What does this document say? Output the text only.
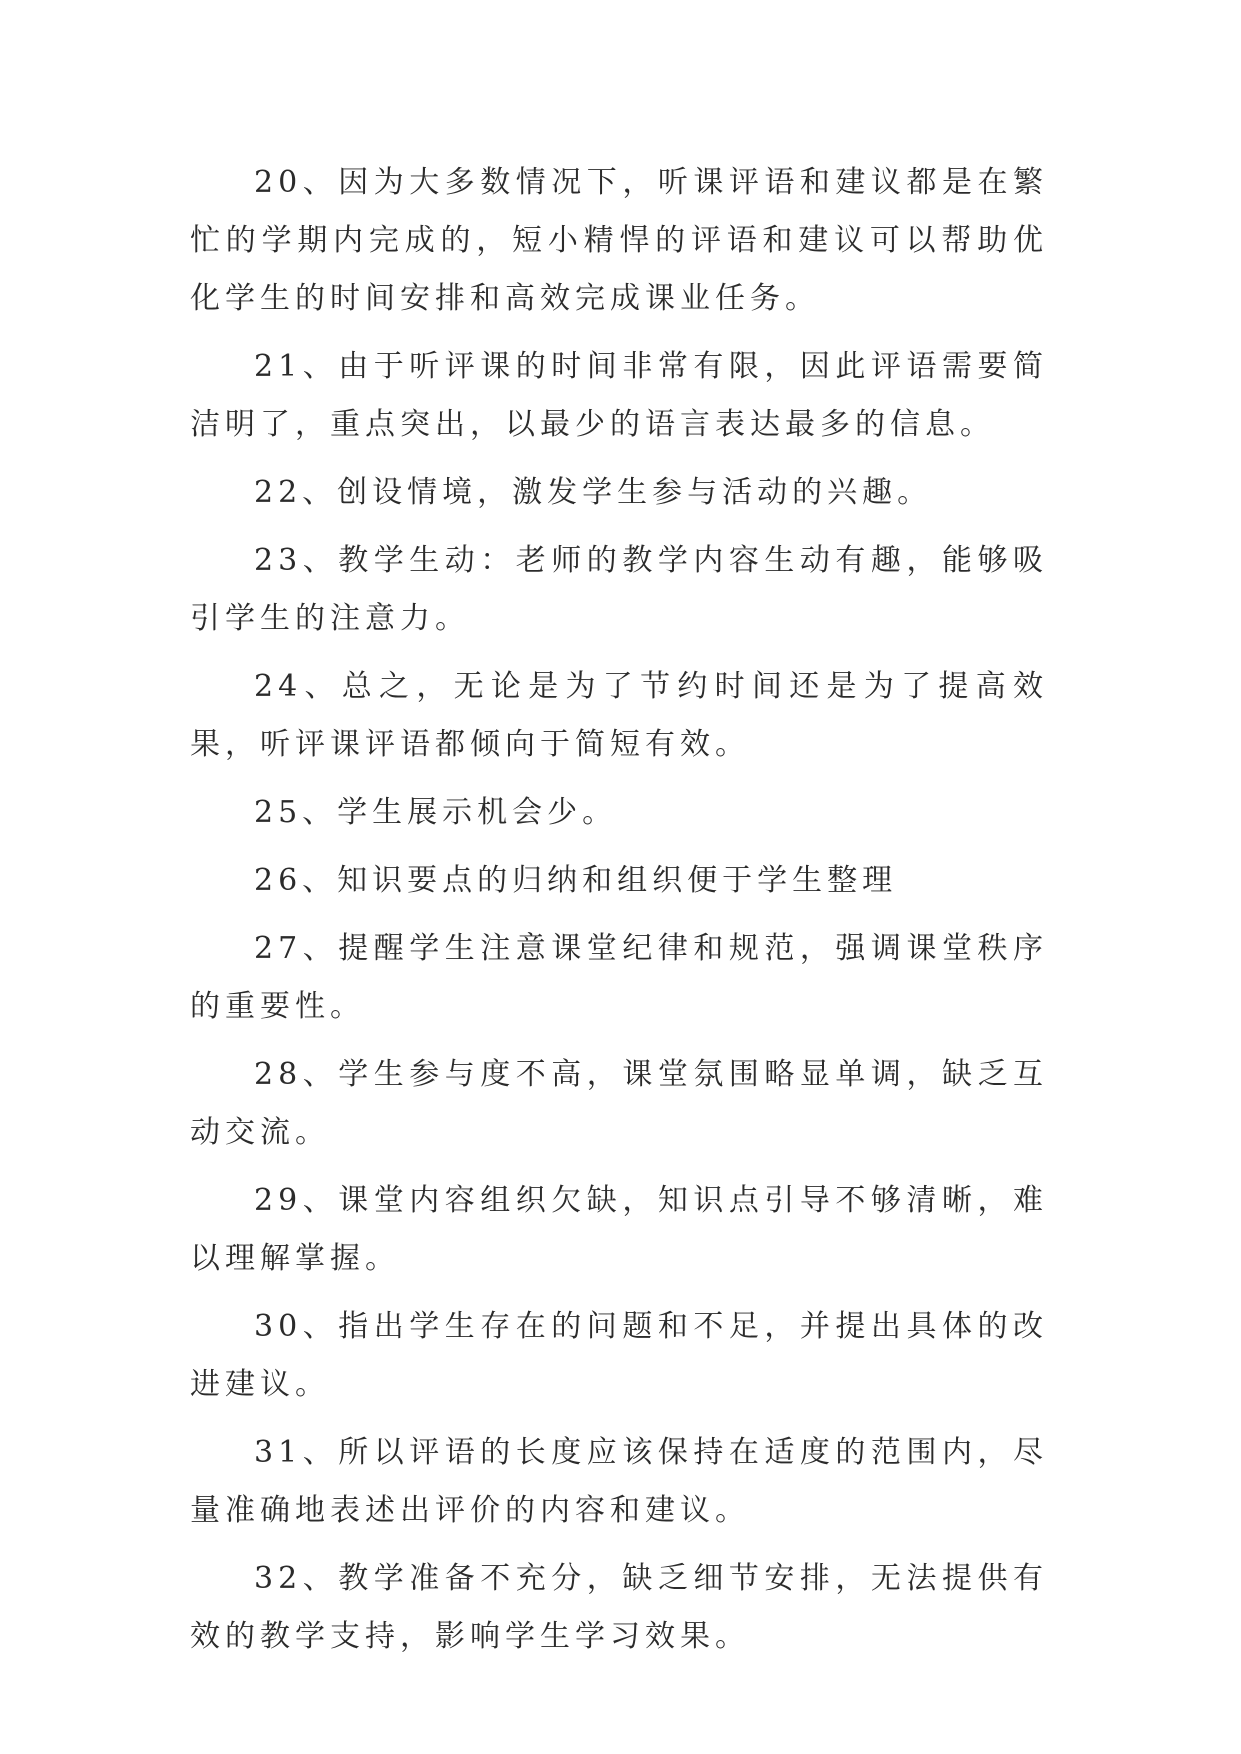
20、因为大多数情况下，听课评语和建议都是在繁忙的学期内完成的，短小精悍的评语和建议可以帮助优化学生的时间安排和高效完成课业任务。

21、由于听评课的时间非常有限，因此评语需要简洁明了，重点突出，以最少的语言表达最多的信息。

22、创设情境，激发学生参与活动的兴趣。

23、教学生动：老师的教学内容生动有趣，能够吸引学生的注意力。

24、总之，无论是为了节约时间还是为了提高效果，听评课评语都倾向于简短有效。

25、学生展示机会少。

26、知识要点的归纳和组织便于学生整理

27、提醒学生注意课堂纪律和规范，强调课堂秩序的重要性。

28、学生参与度不高，课堂氛围略显单调，缺乏互动交流。

29、课堂内容组织欠缺，知识点引导不够清晰，难以理解掌握。

30、指出学生存在的问题和不足，并提出具体的改进建议。

31、所以评语的长度应该保持在适度的范围内，尽量准确地表述出评价的内容和建议。

32、教学准备不充分，缺乏细节安排，无法提供有效的教学支持，影响学生学习效果。
